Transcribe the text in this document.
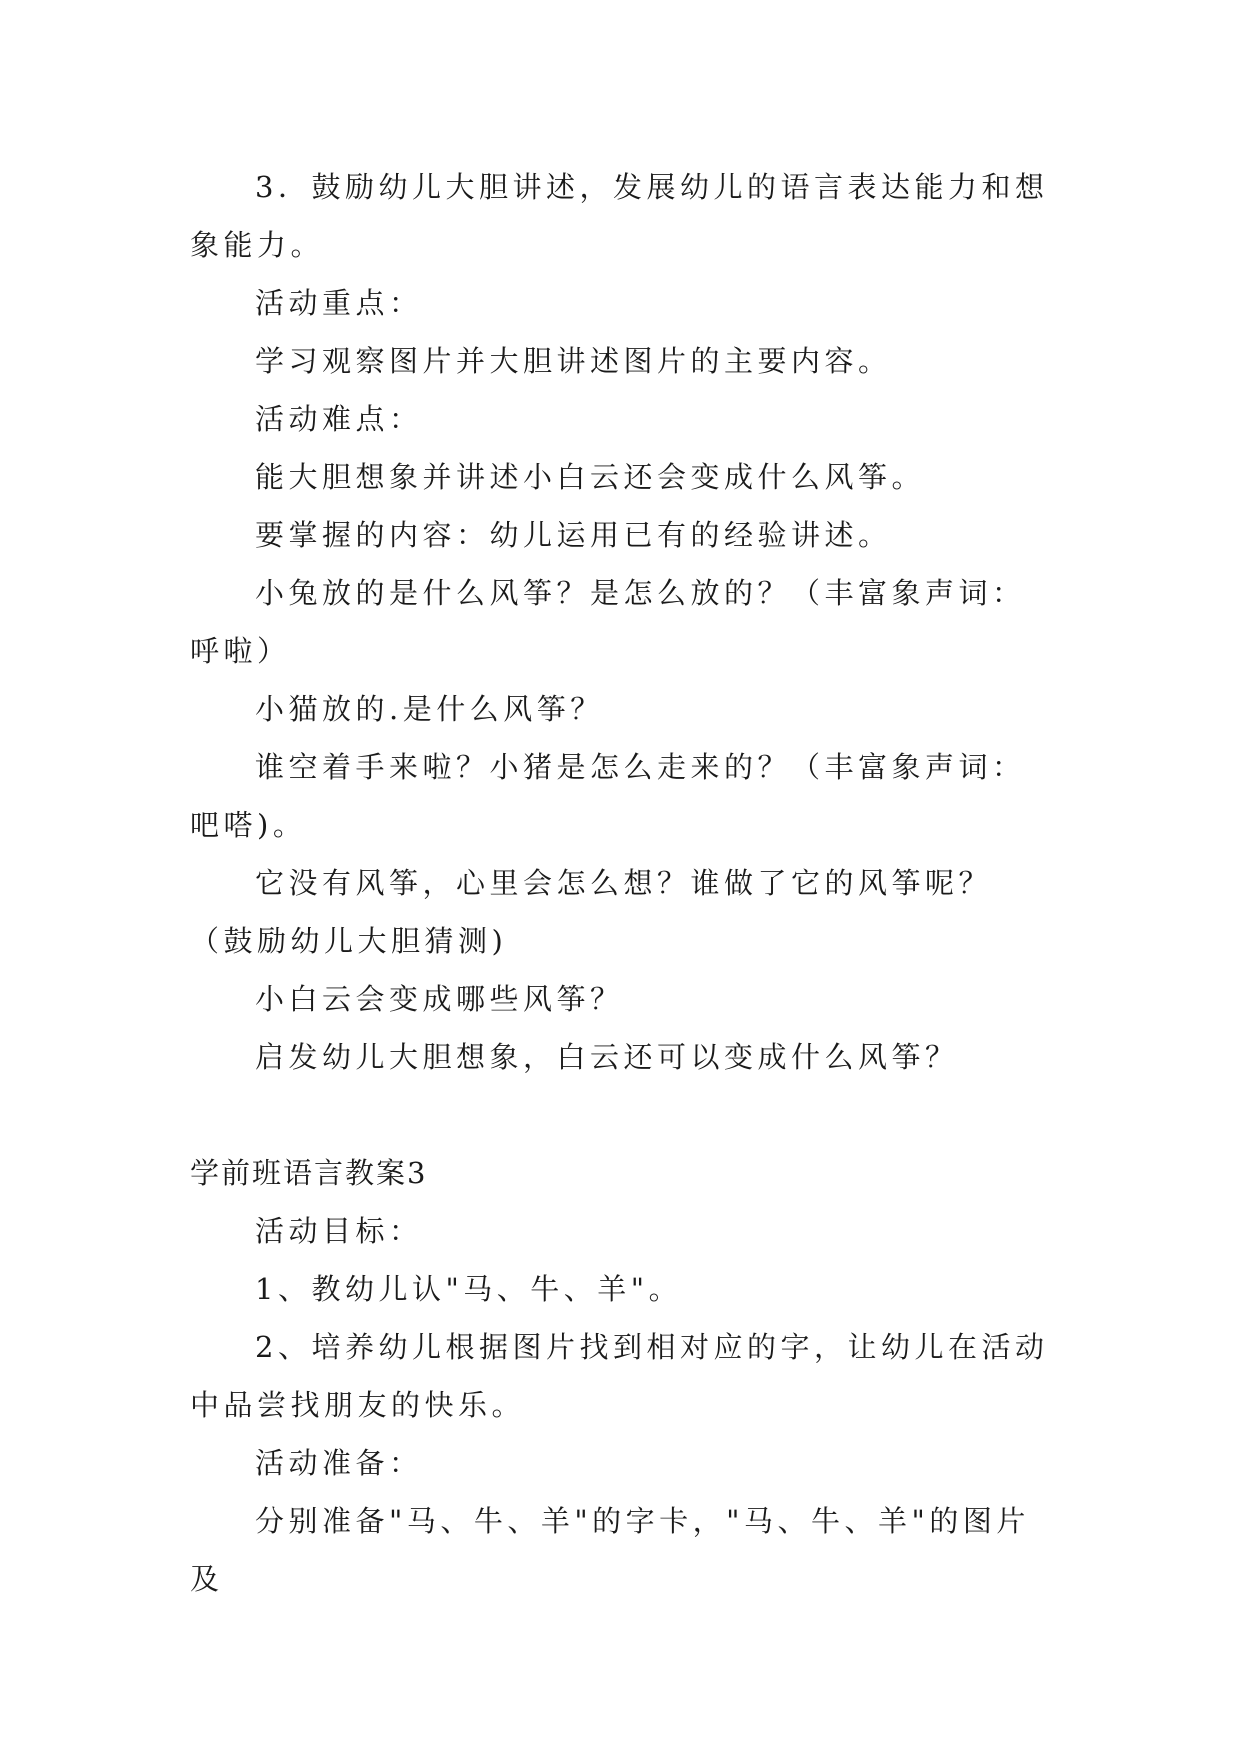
3．鼓励幼儿大胆讲述，发展幼儿的语言表达能力和想象能力。

活动重点：

学习观察图片并大胆讲述图片的主要内容。

活动难点：

能大胆想象并讲述小白云还会变成什么风筝。

要掌握的内容：幼儿运用已有的经验讲述。

小兔放的是什么风筝？是怎么放的？（丰富象声词：呼啦）

小猫放的.是什么风筝？

谁空着手来啦？小猪是怎么走来的？（丰富象声词：吧嗒)。

它没有风筝，心里会怎么想？谁做了它的风筝呢？（鼓励幼儿大胆猜测)

小白云会变成哪些风筝？

启发幼儿大胆想象，白云还可以变成什么风筝？

学前班语言教案3

活动目标：

1、教幼儿认"马、牛、羊"。

2、培养幼儿根据图片找到相对应的字，让幼儿在活动中品尝找朋友的快乐。

活动准备：

分别准备"马、牛、羊"的字卡，"马、牛、羊"的图片及
